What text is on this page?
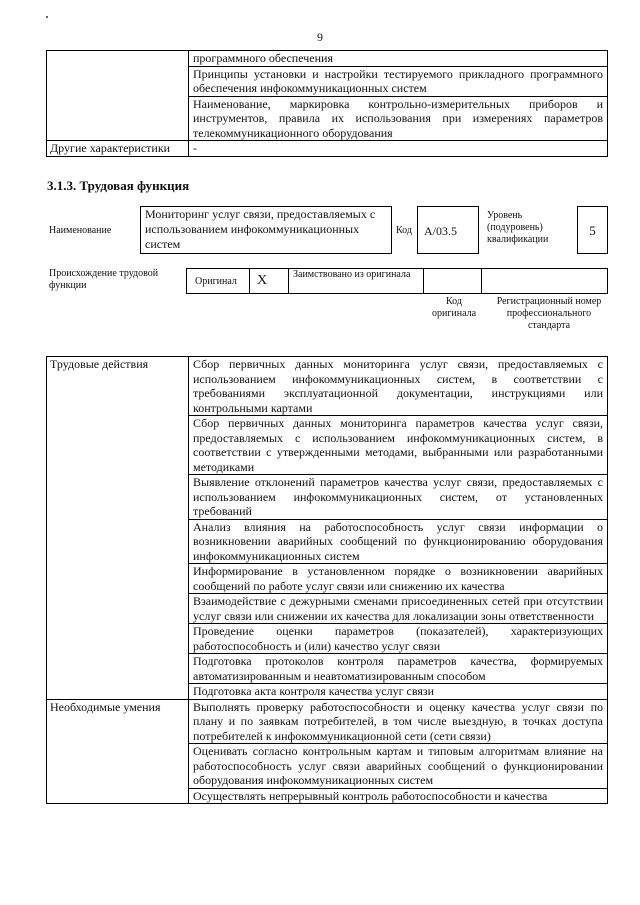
9
	программного обеспечения
	Принципы установки и настройки тестируемого прикладного программного обеспечения инфокоммуникационных систем
	Наименование, маркировка контрольно-измерительных приборов и инструментов, правила их использования при измерениях параметров телекоммуникационного оборудования
Другие характеристики	-
3.1.3. Трудовая функция
Наименование
Мониторинг услуг связи, предоставляемых с использованием инфокоммуникационных систем
Код	А/03.5
Уровень (подуровень) квалификации
5
Происхождение трудовой функции	Оригинал Х	Заимствовано из оригинала
Код оригинала
Регистрационный номер профессионального стандарта
Трудовые действия	Сбор первичных данных мониторинга услуг связи, предоставляемых с использованием инфокоммуникационных систем, в соответствии с требованиями эксплуатационной документации, инструкциями или контрольными картами
	Сбор первичных данных мониторинга параметров качества услуг связи, предоставляемых с использованием инфокоммуникационных систем, в соответствии с утвержденными методами, выбранными или разработанными методиками
	Выявление отклонений параметров качества услуг связи, предоставляемых с использованием инфокоммуникационных систем, от установленных требований
	Анализ влияния на работоспособность услуг связи информации о возникновении аварийных сообщений по функционированию оборудования инфокоммуникационных систем
	Информирование в установленном порядке о возникновении аварийных сообщений по работе услуг связи или снижению их качества
	Взаимодействие с дежурными сменами присоединенных сетей при отсутствии услуг связи или снижении их качества для локализации зоны ответственности
	Проведение оценки параметров (показателей), характеризующих работоспособность и (или) качество услуг связи
	Подготовка протоколов контроля параметров качества, формируемых автоматизированным и неавтоматизированным способом
	Подготовка акта контроля качества услуг связи
Необходимые умения	Выполнять проверку работоспособности и оценку качества услуг связи по плану и по заявкам потребителей, в том числе выездную, в точках доступа потребителей к инфокоммуникационной сети (сети связи)
	Оценивать согласно контрольным картам и типовым алгоритмам влияние на работоспособность услуг связи аварийных сообщений о функционировании оборудования инфокоммуникационных систем
	Осуществлять непрерывный контроль работоспособности и качества
